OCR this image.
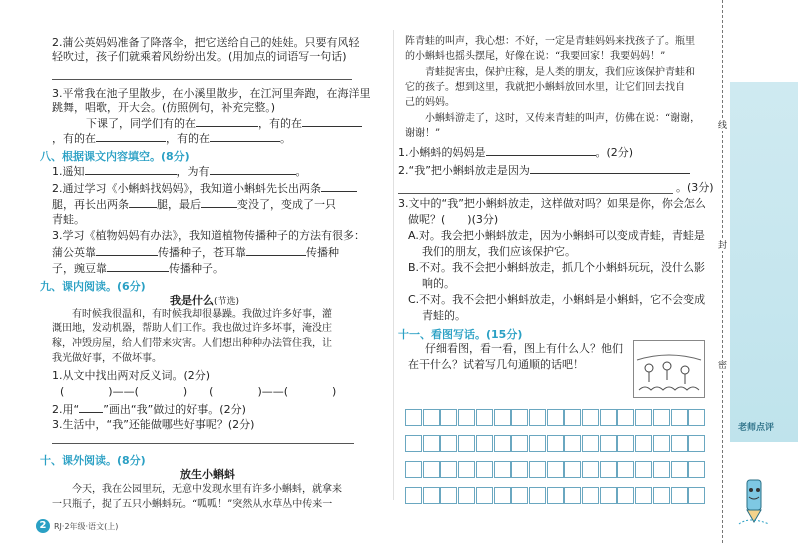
2.蒲公英妈妈准备了降落伞，把它送给自己的娃娃。只要有风轻
轻吹过，孩子们就乘着风纷纷出发。(用加点的词语写一句话)
3.平常我在池子里散步，在小溪里散步，在江河里奔跑，在海洋里
跳舞，唱歌，开大会。(仿照例句，补充完整。)
下课了，同学们有的在	，有的在
，有的在	，有的在	。
八、根据课文内容填空。(8分)
1.遥知	，为有	。
2.通过学习《小蝌蚪找妈妈》，我知道小蝌蚪先长出两条
腿，再长出两条	腿，最后	变没了，变成了一只
青蛙。
3.学习《植物妈妈有办法》，我知道植物传播种子的方法有很多：
蒲公英靠	传播种子，苍耳靠	传播种
子，豌豆靠	传播种子。
九、课内阅读。(6分)
我是什么(节选)
有时候我很温和，有时候我却很暴躁。我做过许多好事，灌
溉田地，发动机器，帮助人们工作。我也做过许多坏事，淹没庄
稼，冲毁房屋，给人们带来灾害。人们想出种种办法管住我，让
我光做好事，不做坏事。
1.从文中找出两对反义词。(2分)
(　　　　)——(　　　　)　　(　　　　)——(　　　　)
2.用“ ”画出“我”做过的好事。(2分)
3.生活中，“我”还能做哪些好事呢？(2分)
十、课外阅读。(8分)
放生小蝌蚪
今天，我在公园里玩，无意中发现水里有许多小蝌蚪，就拿来
一只瓶子，捉了五只小蝌蚪玩。“呱呱！”突然从水草丛中传来一
2 RJ·2年级·语文(上)
阵青蛙的叫声，我心想：不好，一定是青蛙妈妈来找孩子了。瓶里
的小蝌蚪也摇头摆尾，好像在说：“我要回家！我要妈妈！”
青蛙捉害虫，保护庄稼，是人类的朋友，我们应该保护青蛙和
它的孩子。想到这里，我就把小蝌蚪放回水里，让它们回去找自
己的妈妈。
小蝌蚪游走了，这时，又传来青蛙的叫声，仿佛在说：“谢谢，
谢谢！”
1.小蝌蚪的妈妈是	。(2分)
2.“我”把小蝌蚪放走是因为
。(3分)
3.文中的“我”把小蝌蚪放走，这样做对吗？如果是你，你会怎么
做呢？(　　)(3分)
A.对。我会把小蝌蚪放走，因为小蝌蚪可以变成青蛙，青蛙是
我们的朋友，我们应该保护它。
B.不对。我不会把小蝌蚪放走，抓几个小蝌蚪玩玩，没什么影
响的。
C.不对。我不会把小蝌蚪放走，小蝌蚪是小蝌蚪，它不会变成
青蛙的。
十一、看图写话。(15分)
仔细看图，看一看，图上有什么人？他们
在干什么？试着写几句通顺的话吧！
线
封
密
老师点评
